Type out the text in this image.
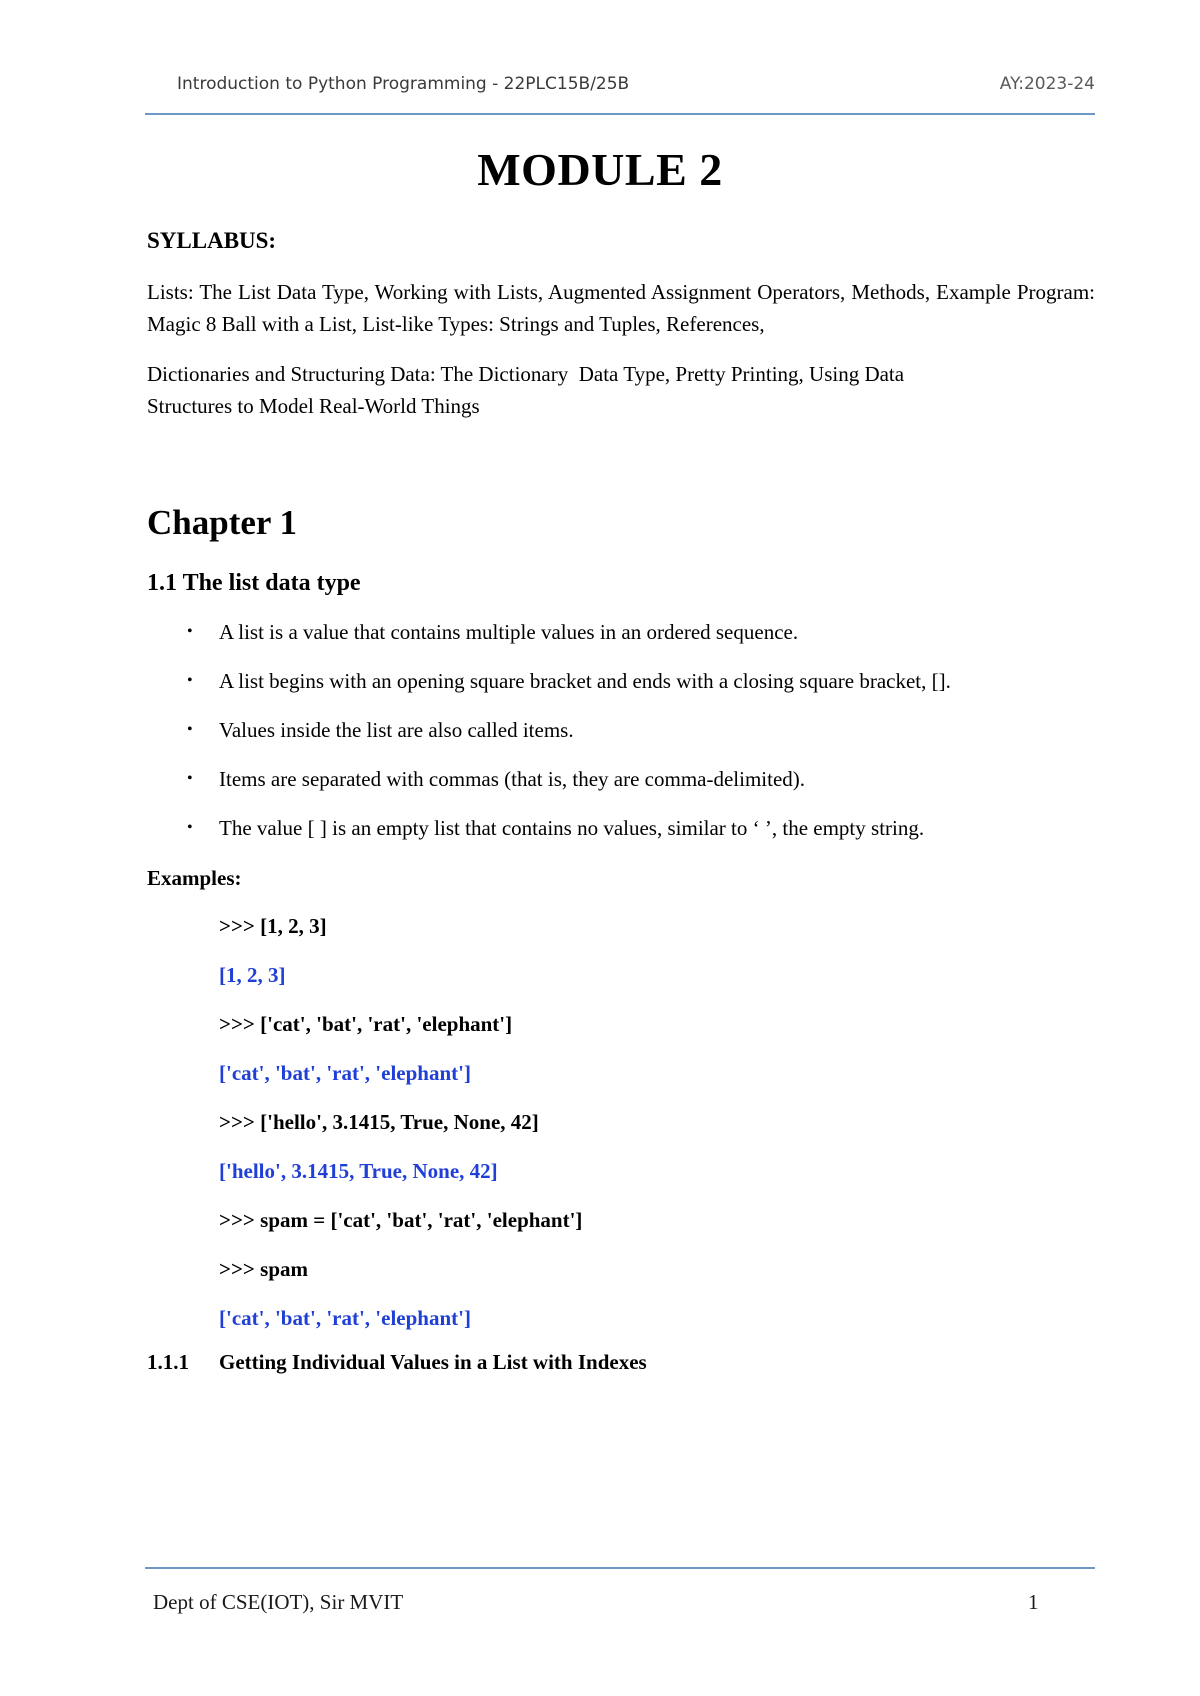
Introduction to Python Programming - 22PLC15B/25B	AY:2023-24
MODULE 2
SYLLABUS:
Lists: The List Data Type, Working with Lists, Augmented Assignment Operators, Methods, Example Program: Magic 8 Ball with a List, List-like Types: Strings and Tuples, References,
Dictionaries and Structuring Data: The Dictionary  Data Type, Pretty Printing, Using Data
Structures to Model Real-World Things
Chapter 1
1.1 The list data type
• A list is a value that contains multiple values in an ordered sequence.
• A list begins with an opening square bracket and ends with a closing square bracket, [].
• Values inside the list are also called items.
• Items are separated with commas (that is, they are comma-delimited).
• The value [ ] is an empty list that contains no values, similar to ‘ ’, the empty string.
Examples:
>>> [1, 2, 3]
[1, 2, 3]
>>> ['cat', 'bat', 'rat', 'elephant']
['cat', 'bat', 'rat', 'elephant']
>>> ['hello', 3.1415, True, None, 42]
['hello', 3.1415, True, None, 42]
>>> spam = ['cat', 'bat', 'rat', 'elephant']
>>> spam
['cat', 'bat', 'rat', 'elephant']
1.1.1 Getting Individual Values in a List with Indexes
Dept of CSE(IOT), Sir MVIT	1
